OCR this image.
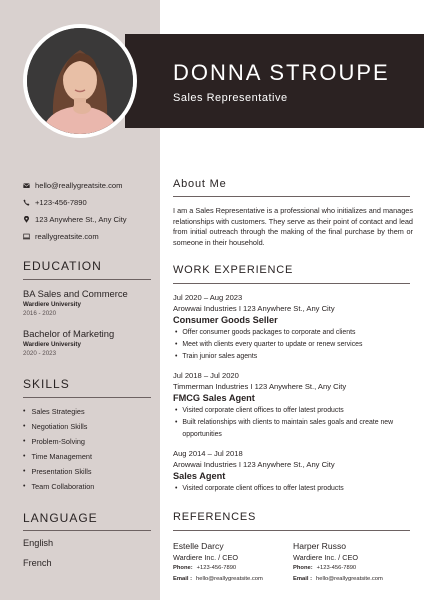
DONNA STROUPE
Sales Representative
hello@reallygreatsite.com
+123-456-7890
123 Anywhere St., Any City
reallygreatsite.com
EDUCATION
BA Sales and Commerce
Wardiere University
2016 - 2020
Bachelor of Marketing
Wardiere University
2020 - 2023
SKILLS
• Sales Strategies
• Negotiation Skills
• Problem-Solving
• Time Management
• Presentation Skills
• Team Collaboration
LANGUAGE
English
French
About Me
I am a Sales Representative is a professional who initializes and manages relationships with customers. They serve as their point of contact and lead from initial outreach through the making of the final purchase by them or someone in their household.
WORK EXPERIENCE
Jul 2020 – Aug 2023
Arowwai Industries I 123 Anywhere St., Any City
Consumer Goods Seller
• Offer consumer goods packages to corporate and clients
• Meet with clients every quarter to update or renew services
• Train junior sales agents
Jul 2018 – Jul 2020
Timmerman Industries I 123 Anywhere St., Any City
FMCG Sales Agent
• Visited corporate client offices to offer latest products
• Built relationships with clients to maintain sales goals and create new opportunities
Aug 2014 – Jul 2018
Arowwai Industries I 123 Anywhere St., Any City
Sales Agent
• Visited corporate client offices to offer latest products
REFERENCES
Estelle Darcy
Wardiere Inc. / CEO
Phone: +123-456-7890
Email : hello@reallygreatsite.com
Harper Russo
Wardiere Inc. / CEO
Phone: +123-456-7890
Email : hello@reallygreatsite.com
